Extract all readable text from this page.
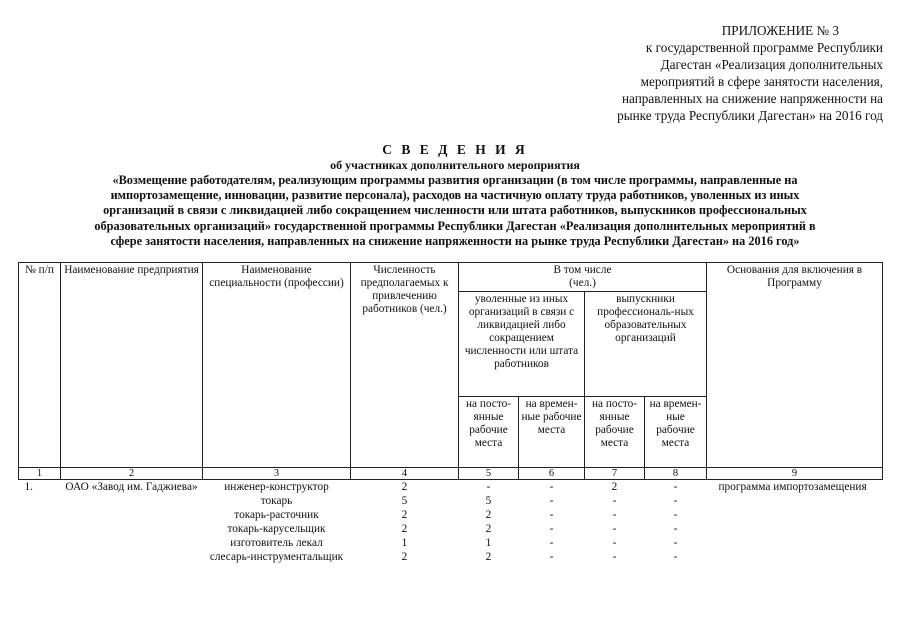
ПРИЛОЖЕНИЕ № 3
к государственной программе Республики
Дагестан «Реализация дополнительных
мероприятий в сфере занятости населения,
направленных на снижение напряженности на
рынке труда Республики Дагестан» на 2016 год
С В Е Д Е Н И Я
об участниках дополнительного мероприятия
«Возмещение работодателям, реализующим программы развития организации (в том числе программы, направленные на
импортозамещение, инновации, развитие персонала), расходов на частичную оплату труда работников, уволенных из иных
организаций в связи с ликвидацией либо сокращением численности или штата работников, выпускников профессиональных
образовательных организаций» государственной программы Республики Дагестан «Реализация дополнительных мероприятий в
сфере занятости населения, направленных на снижение напряженности на рынке труда Республики Дагестан» на 2016 год»
№ п/п	Наименование предприятия	Наименование специальности (профессии)	Численность предполагаемых к привлечению работников (чел.)	В том числе
(чел.)				Основания для включения в Программу
				уволенные из иных организаций в связи с ликвидацией либо сокращением численности или штата работников		выпускники профессиональ-ных образовательных организаций		
				на посто-янные рабочие места	на времен-ные рабочие места	на посто-янные рабочие места	на времен-ные рабочие места	
1	2	3	4	5	6	7	8	9
1.	ОАО «Завод им. Гаджиева»	инженер-конструктор	2	-	-	2	-	программа импортозамещения
		токарь	5	5	-	-	-	
		токарь-расточник	2	2	-	-	-	
		токарь-карусельщик	2	2	-	-	-	
		изготовитель лекал	1	1	-	-	-	
		слесарь-инструментальщик	2	2	-	-	-	
